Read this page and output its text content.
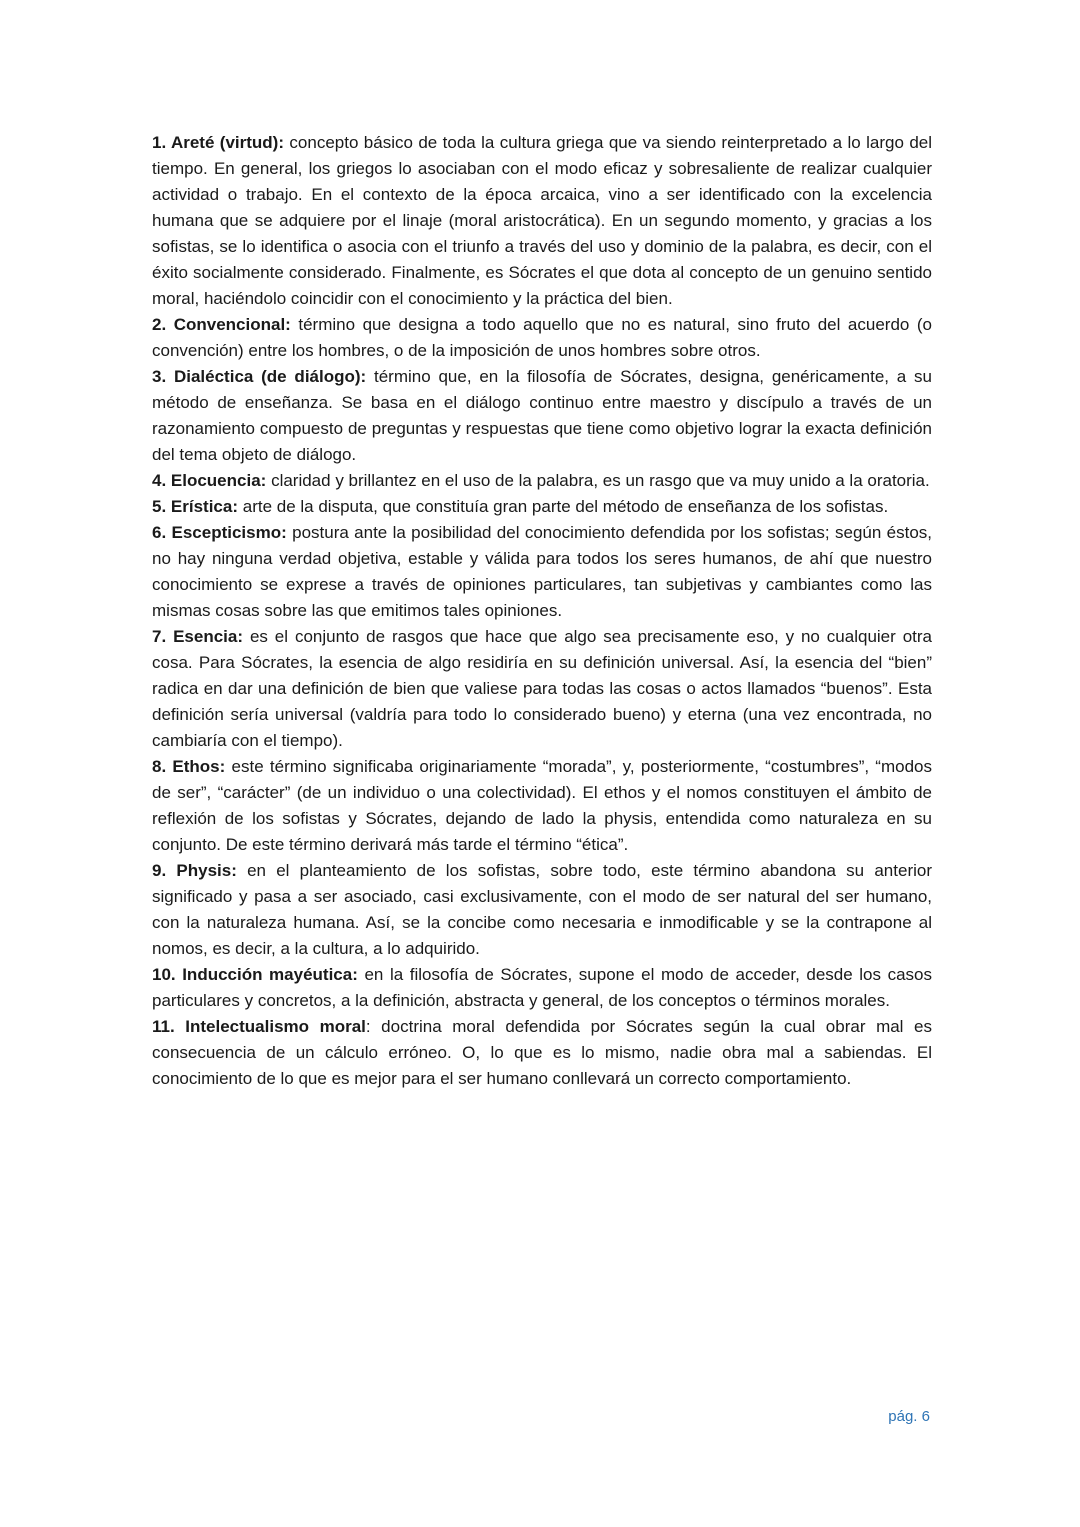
1. Areté (virtud): concepto básico de toda la cultura griega que va siendo reinterpretado a lo largo del tiempo. En general, los griegos lo asociaban con el modo eficaz y sobresaliente de realizar cualquier actividad o trabajo. En el contexto de la época arcaica, vino a ser identificado con la excelencia humana que se adquiere por el linaje (moral aristocrática). En un segundo momento, y gracias a los sofistas, se lo identifica o asocia con el triunfo a través del uso y dominio de la palabra, es decir, con el éxito socialmente considerado. Finalmente, es Sócrates el que dota al concepto de un genuino sentido moral, haciéndolo coincidir con el conocimiento y la práctica del bien.

2. Convencional: término que designa a todo aquello que no es natural, sino fruto del acuerdo (o convención) entre los hombres, o de la imposición de unos hombres sobre otros.

3. Dialéctica (de diálogo): término que, en la filosofía de Sócrates, designa, genéricamente, a su método de enseñanza. Se basa en el diálogo continuo entre maestro y discípulo a través de un razonamiento compuesto de preguntas y respuestas que tiene como objetivo lograr la exacta definición del tema objeto de diálogo.

4. Elocuencia: claridad y brillantez en el uso de la palabra, es un rasgo que va muy unido a la oratoria.

5. Erística: arte de la disputa, que constituía gran parte del método de enseñanza de los sofistas.

6. Escepticismo: postura ante la posibilidad del conocimiento defendida por los sofistas; según éstos, no hay ninguna verdad objetiva, estable y válida para todos los seres humanos, de ahí que nuestro conocimiento se exprese a través de opiniones particulares, tan subjetivas y cambiantes como las mismas cosas sobre las que emitimos tales opiniones.

7. Esencia: es el conjunto de rasgos que hace que algo sea precisamente eso, y no cualquier otra cosa. Para Sócrates, la esencia de algo residiría en su definición universal. Así, la esencia del “bien” radica en dar una definición de bien que valiese para todas las cosas o actos llamados “buenos”. Esta definición sería universal (valdría para todo lo considerado bueno) y eterna (una vez encontrada, no cambiaría con el tiempo).

8. Ethos: este término significaba originariamente “morada”, y, posteriormente, “costumbres”, “modos de ser”, “carácter” (de un individuo o una colectividad). El ethos y el nomos constituyen el ámbito de reflexión de los sofistas y Sócrates, dejando de lado la physis, entendida como naturaleza en su conjunto. De este término derivará más tarde el término “ética”.

9. Physis: en el planteamiento de los sofistas, sobre todo, este término abandona su anterior significado y pasa a ser asociado, casi exclusivamente, con el modo de ser natural del ser humano, con la naturaleza humana. Así, se la concibe como necesaria e inmodificable y se la contrapone al nomos, es decir, a la cultura, a lo adquirido.

10. Inducción mayéutica: en la filosofía de Sócrates, supone el modo de acceder, desde los casos particulares y concretos, a la definición, abstracta y general, de los conceptos o términos morales.

11. Intelectualismo moral: doctrina moral defendida por Sócrates según la cual obrar mal es consecuencia de un cálculo erróneo. O, lo que es lo mismo, nadie obra mal a sabiendas. El conocimiento de lo que es mejor para el ser humano conllevará un correcto comportamiento.

pág. 6
